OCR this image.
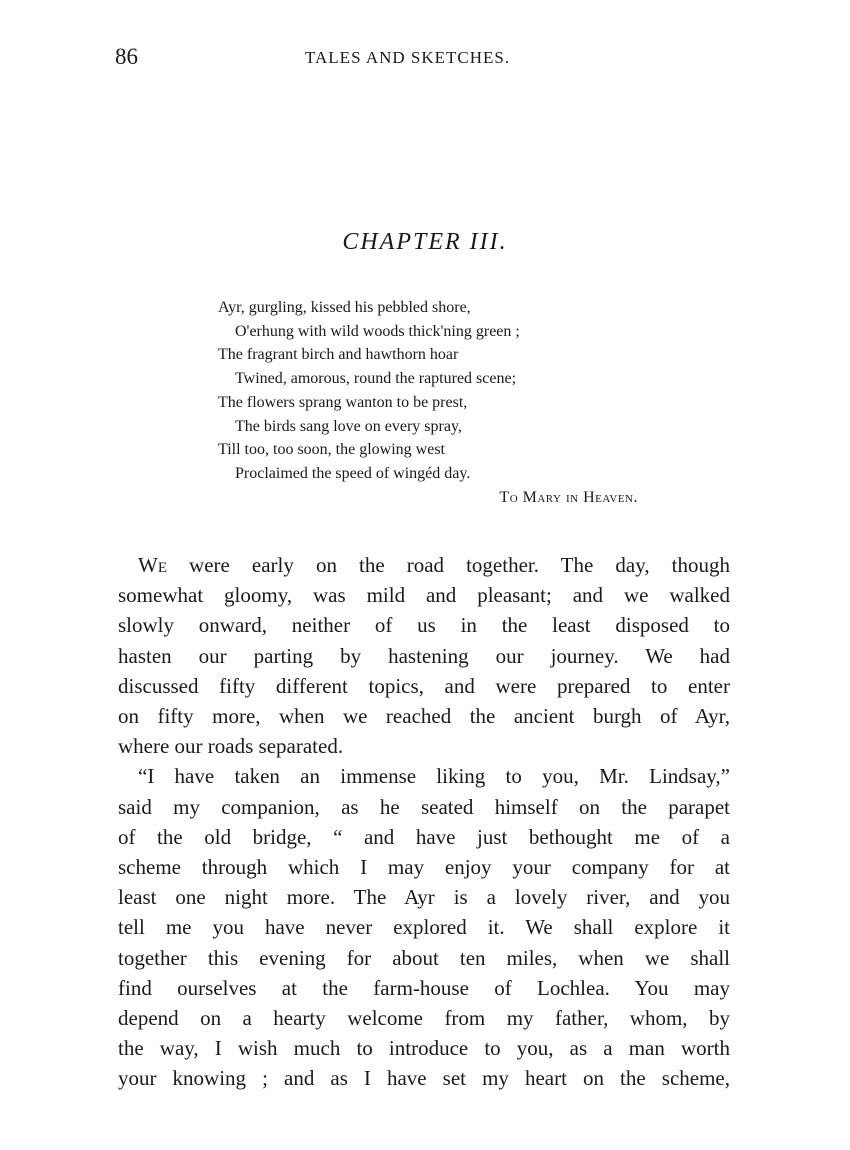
86	TALES AND SKETCHES.
CHAPTER III.
Ayr, gurgling, kissed his pebbled shore,
O'erhung with wild woods thick'ning green ;
The fragrant birch and hawthorn hoar
Twined, amorous, round the raptured scene;
The flowers sprang wanton to be prest,
The birds sang love on every spray,
Till too, too soon, the glowing west
Proclaimed the speed of wingéd day.
To Mary in Heaven.

We were early on the road together. The day, though
somewhat gloomy, was mild and pleasant; and we walked
slowly onward, neither of us in the least disposed to
hasten our parting by hastening our journey. We had
discussed fifty different topics, and were prepared to enter
on fifty more, when we reached the ancient burgh of Ayr,
where our roads separated.

“I have taken an immense liking to you, Mr. Lindsay,”
said my companion, as he seated himself on the parapet
of the old bridge, “ and have just bethought me of a
scheme through which I may enjoy your company for at
least one night more. The Ayr is a lovely river, and you
tell me you have never explored it. We shall explore it
together this evening for about ten miles, when we shall
find ourselves at the farm-house of Lochlea. You may
depend on a hearty welcome from my father, whom, by
the way, I wish much to introduce to you, as a man worth
your knowing ; and as I have set my heart on the scheme,
